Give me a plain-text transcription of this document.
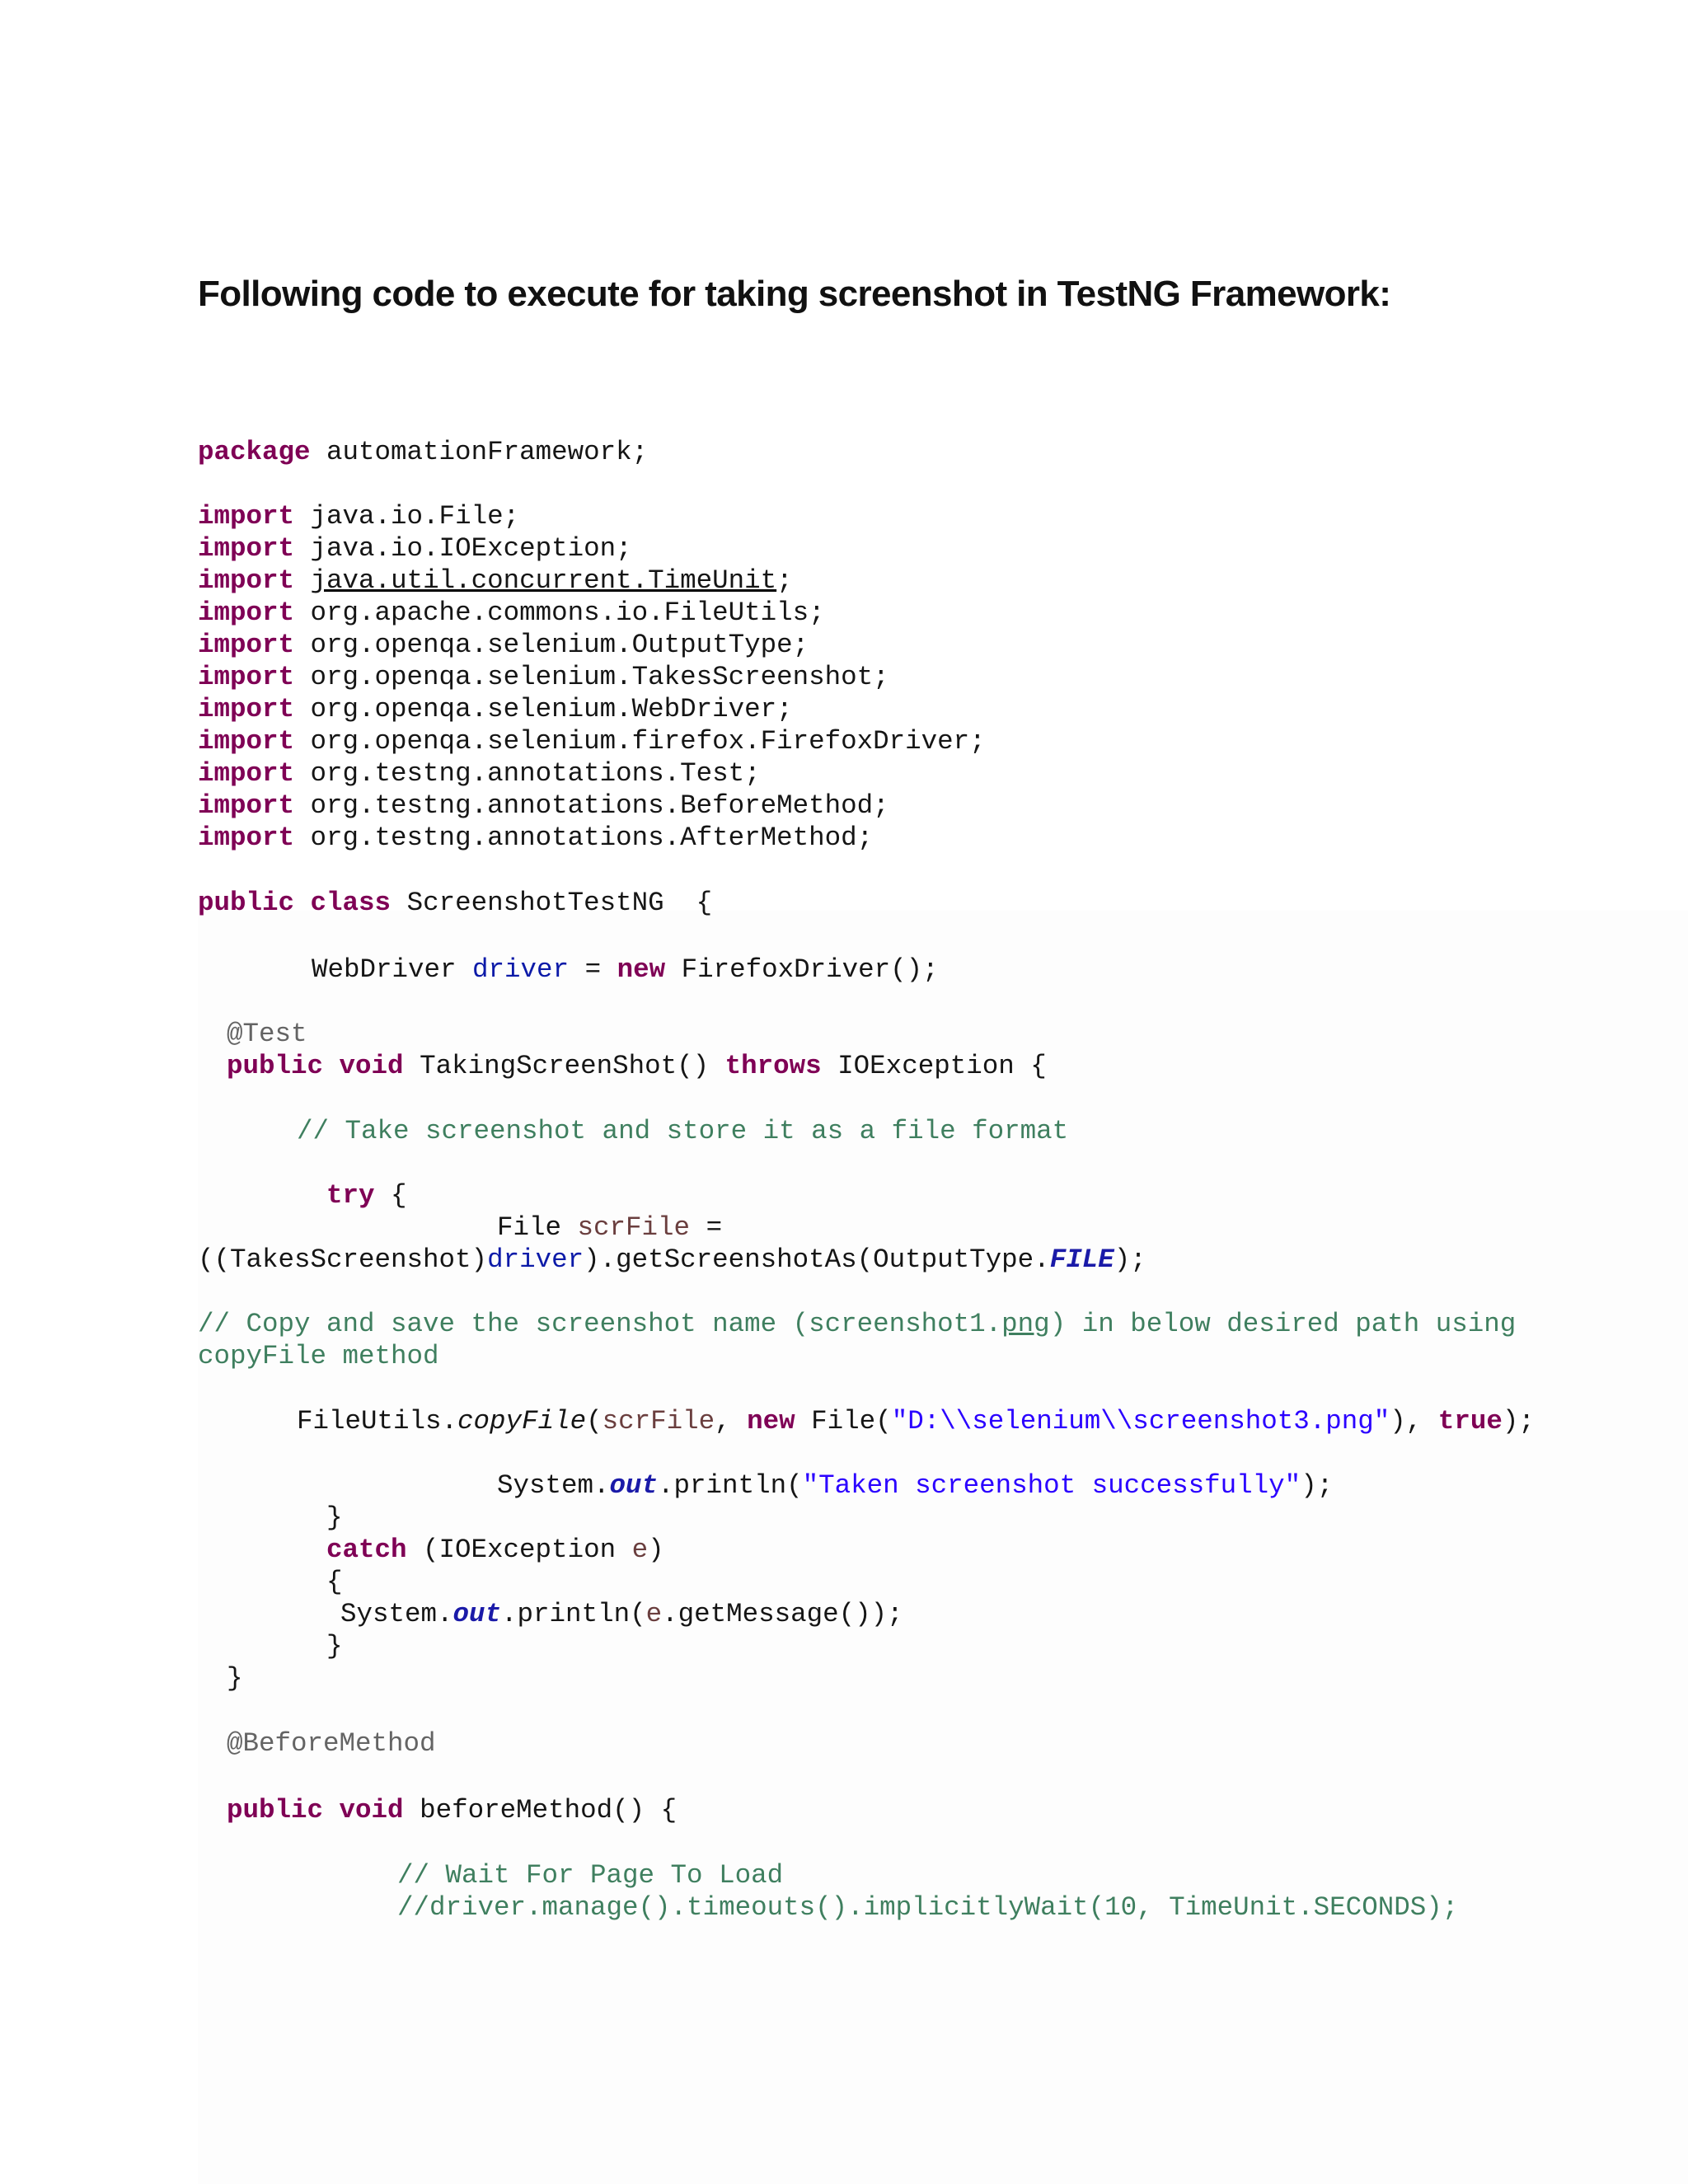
Following code to execute for taking screenshot in TestNG Framework:
package automationFramework;
import java.io.File;
import java.io.IOException;
import java.util.concurrent.TimeUnit;
import org.apache.commons.io.FileUtils;
import org.openqa.selenium.OutputType;
import org.openqa.selenium.TakesScreenshot;
import org.openqa.selenium.WebDriver;
import org.openqa.selenium.firefox.FirefoxDriver;
import org.testng.annotations.Test;
import org.testng.annotations.BeforeMethod;
import org.testng.annotations.AfterMethod;
public class ScreenshotTestNG  {
WebDriver driver = new FirefoxDriver();
@Test
public void TakingScreenShot() throws IOException {
// Take screenshot and store it as a file format
try {
File scrFile =
((TakesScreenshot)driver).getScreenshotAs(OutputType.FILE);
// Copy and save the screenshot name (screenshot1.png) in below desired path using
copyFile method
FileUtils.copyFile(scrFile, new File("D:\\selenium\\screenshot3.png"), true);
System.out.println("Taken screenshot successfully");
}
catch (IOException e)
{
System.out.println(e.getMessage());
}
}
@BeforeMethod
public void beforeMethod() {
// Wait For Page To Load
//driver.manage().timeouts().implicitlyWait(10, TimeUnit.SECONDS);
